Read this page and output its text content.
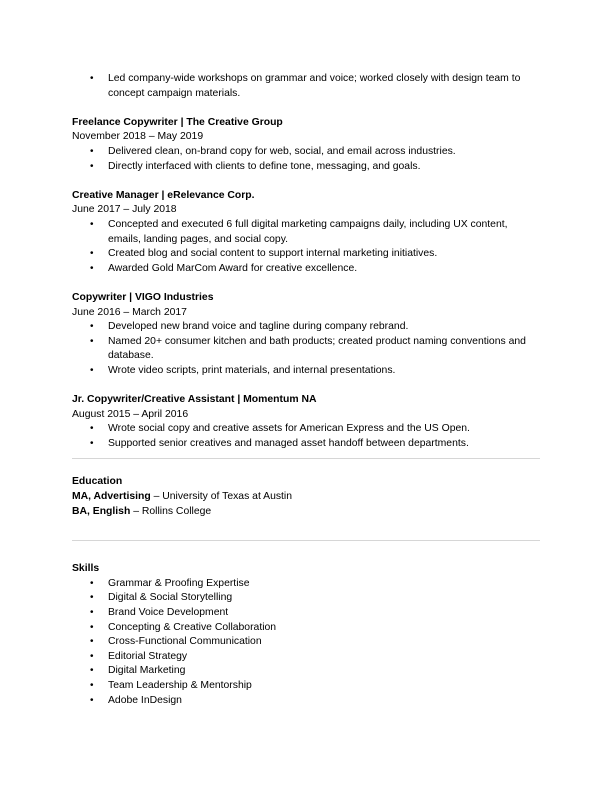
• Led company-wide workshops on grammar and voice; worked closely with design team to concept campaign materials.
Freelance Copywriter | The Creative Group
November 2018 – May 2019
• Delivered clean, on-brand copy for web, social, and email across industries.
• Directly interfaced with clients to define tone, messaging, and goals.
Creative Manager | eRelevance Corp.
June 2017 – July 2018
• Concepted and executed 6 full digital marketing campaigns daily, including UX content, emails, landing pages, and social copy.
• Created blog and social content to support internal marketing initiatives.
• Awarded Gold MarCom Award for creative excellence.
Copywriter | VIGO Industries
June 2016 – March 2017
• Developed new brand voice and tagline during company rebrand.
• Named 20+ consumer kitchen and bath products; created product naming conventions and database.
• Wrote video scripts, print materials, and internal presentations.
Jr. Copywriter/Creative Assistant | Momentum NA
August 2015 – April 2016
• Wrote social copy and creative assets for American Express and the US Open.
• Supported senior creatives and managed asset handoff between departments.
Education
MA, Advertising – University of Texas at Austin
BA, English – Rollins College
Skills
• Grammar & Proofing Expertise
• Digital & Social Storytelling
• Brand Voice Development
• Concepting & Creative Collaboration
• Cross-Functional Communication
• Editorial Strategy
• Digital Marketing
• Team Leadership & Mentorship
• Adobe InDesign
